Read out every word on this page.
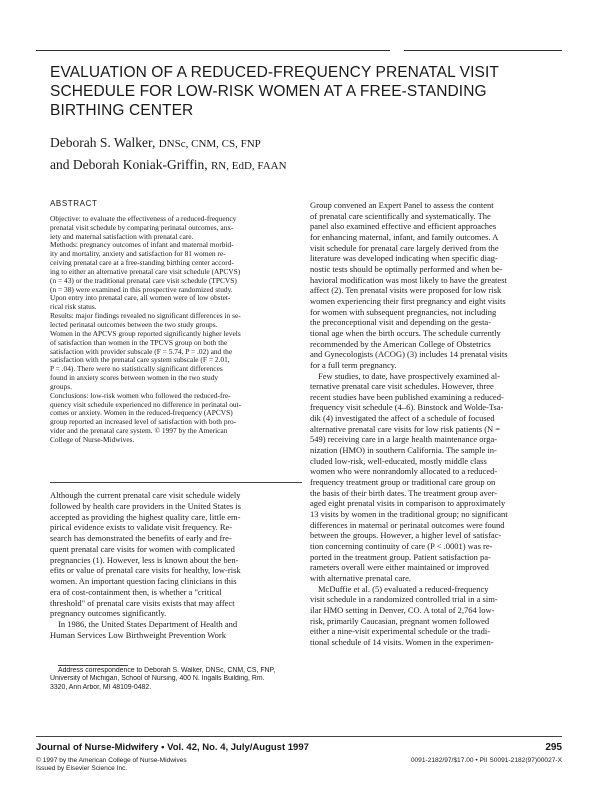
EVALUATION OF A REDUCED-FREQUENCY PRENATAL VISIT
SCHEDULE FOR LOW-RISK WOMEN AT A FREE-STANDING
BIRTHING CENTER
Deborah S. Walker, DNSc, CNM, CS, FNP
and Deborah Koniak-Griffin, RN, EdD, FAAN
ABSTRACT

Objective: to evaluate the effectiveness of a reduced-frequency
prenatal visit schedule by comparing perinatal outcomes, anx-
iety and maternal satisfaction with prenatal care.
Methods: pregnancy outcomes of infant and maternal morbid-
ity and mortality, anxiety and satisfaction for 81 women re-
ceiving prenatal care at a free-standing birthing center accord-
ing to either an alternative prenatal care visit schedule (APCVS)
(n = 43) or the traditional prenatal care visit schedule (TPCVS)
(n = 38) were examined in this prospective randomized study.
Upon entry into prenatal care, all women were of low obstet-
rical risk status.
Results: major findings revealed no significant differences in se-
lected perinatal outcomes between the two study groups.
Women in the APCVS group reported significantly higher levels
of satisfaction than women in the TPCVS group on both the
satisfaction with provider subscale (F = 5.74, P = .02) and the
satisfaction with the prenatal care system subscale (F = 2.01,
P = .04). There were no statistically significant differences
found in anxiety scores between women in the two study
groups.
Conclusions: low-risk women who followed the reduced-fre-
quency visit schedule experienced no difference in perinatal out-
comes or anxiety. Women in the reduced-frequency (APCVS)
group reported an increased level of satisfaction with both pro-
vider and the prenatal care system. © 1997 by the American
College of Nurse-Midwives.

Although the current prenatal care visit schedule widely
followed by health care providers in the United States is
accepted as providing the highest quality care, little em-
pirical evidence exists to validate visit frequency. Re-
search has demonstrated the benefits of early and fre-
quent prenatal care visits for women with complicated
pregnancies (1). However, less is known about the ben-
efits or value of prenatal care visits for healthy, low-risk
women. An important question facing clinicians in this
era of cost-containment then, is whether a "critical
threshold" of prenatal care visits exists that may affect
pregnancy outcomes significantly.

In 1986, the United States Department of Health and
Human Services Low Birthweight Prevention Work

Address correspondence to Deborah S. Walker, DNSc, CNM, CS, FNP,
University of Michigan, School of Nursing, 400 N. Ingalls Building, Rm.
3320, Ann Arbor, MI 48109-0482.

Group convened an Expert Panel to assess the content
of prenatal care scientifically and systematically. The
panel also examined effective and efficient approaches
for enhancing maternal, infant, and family outcomes. A
visit schedule for prenatal care largely derived from the
literature was developed indicating when specific diag-
nostic tests should be optimally performed and when be-
havioral modification was most likely to have the greatest
affect (2). Ten prenatal visits were proposed for low risk
women experiencing their first pregnancy and eight visits
for women with subsequent pregnancies, not including
the preconceptional visit and depending on the gesta-
tional age when the birth occurs. The schedule currently
recommended by the American College of Obstetrics
and Gynecologists (ACOG) (3) includes 14 prenatal visits
for a full term pregnancy.

Few studies, to date, have prospectively examined al-
ternative prenatal care visit schedules. However, three
recent studies have been published examining a reduced-
frequency visit schedule (4–6). Binstock and Wolde-Tsa-
dik (4) investigated the affect of a schedule of focused
alternative prenatal care visits for low risk patients (N =
549) receiving care in a large health maintenance orga-
nization (HMO) in southern California. The sample in-
cluded low-risk, well-educated, mostly middle class
women who were nonrandomly allocated to a reduced-
frequency treatment group or traditional care group on
the basis of their birth dates. The treatment group aver-
aged eight prenatal visits in comparison to approximately
13 visits by women in the traditional group; no significant
differences in maternal or perinatal outcomes were found
between the groups. However, a higher level of satisfac-
tion concerning continuity of care (P < .0001) was re-
ported in the treatment group. Patient satisfaction pa-
rameters overall were either maintained or improved
with alternative prenatal care.

McDuffie et al. (5) evaluated a reduced-frequency
visit schedule in a randomized controlled trial in a sim-
ilar HMO setting in Denver, CO. A total of 2,764 low-
risk, primarily Caucasian, pregnant women followed
either a nine-visit experimental schedule or the tradi-
tional schedule of 14 visits. Women in the experimen-

Journal of Nurse-Midwifery • Vol. 42, No. 4, July/August 1997	295
© 1997 by the American College of Nurse-Midwives
Issued by Elsevier Science Inc.
0091-2182/97/$17.00 • PII S0091-2182(97)00027-X
